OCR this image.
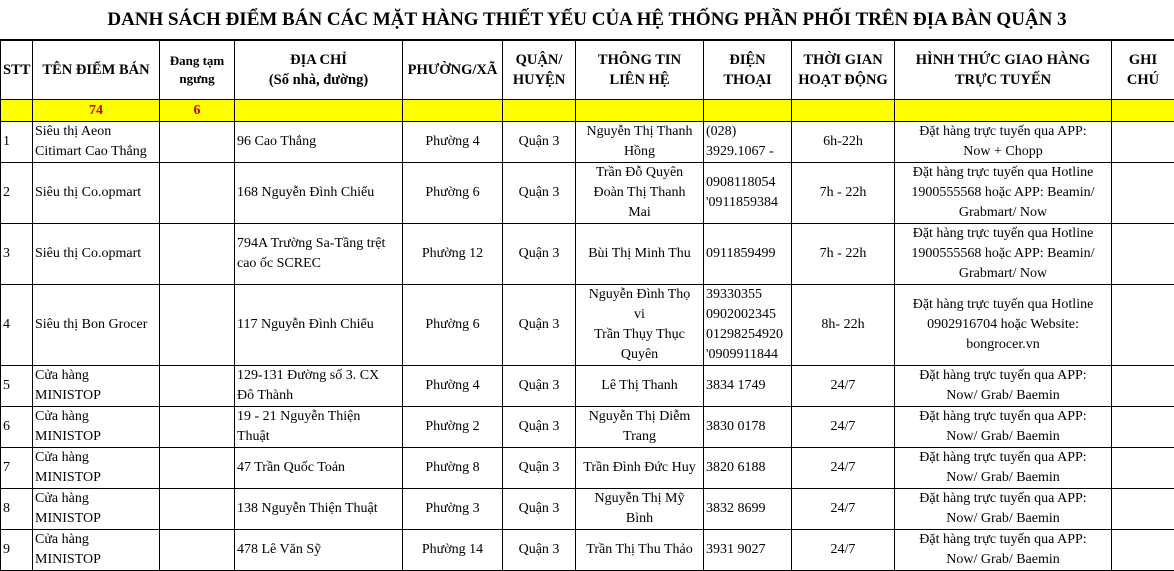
DANH SÁCH ĐIỂM BÁN CÁC MẶT HÀNG THIẾT YẾU CỦA HỆ THỐNG PHẦN PHỐI TRÊN ĐỊA BÀN QUẬN 3
STT	TÊN ĐIỂM BÁN	Đang tạm
ngưng	ĐỊA CHỈ
(Số nhà, đường)	PHƯỜNG/XÃ	QUẬN/
HUYỆN	THÔNG TIN
LIÊN HỆ	ĐIỆN
THOẠI	THỜI GIAN
HOẠT ĐỘNG	HÌNH THỨC GIAO HÀNG
TRỰC TUYẾN	GHI
CHÚ
	74	6								
1	Siêu thị Aeon
Citimart Cao Thắng		96 Cao Thắng	Phường 4	Quận 3	Nguyễn Thị Thanh
Hồng	(028)
3929.1067 -	6h-22h	Đặt hàng trực tuyến qua APP:
Now + Chopp	
2	Siêu thị Co.opmart		168 Nguyễn Đình Chiểu	Phường 6	Quận 3	Trần Đỗ Quyên
Đoàn Thị Thanh
Mai	0908118054
'0911859384	7h - 22h	Đặt hàng trực tuyến qua Hotline
1900555568 hoặc APP: Beamin/
Grabmart/ Now	
3	Siêu thị Co.opmart		794A Trường Sa-Tầng trệt
cao ốc SCREC	Phường 12	Quận 3	Bùi Thị Minh Thu	0911859499	7h - 22h	Đặt hàng trực tuyến qua Hotline
1900555568 hoặc APP: Beamin/
Grabmart/ Now	
4	Siêu thị Bon Grocer		117 Nguyễn Đình Chiểu	Phường 6	Quận 3	Nguyễn Đình Thọ
vi
Trần Thụy Thục
Quyên	39330355
0902002345
01298254920
'0909911844	8h- 22h	Đặt hàng trực tuyến qua Hotline
0902916704 hoặc Website:
bongrocer.vn	
5	Cửa hàng
MINISTOP		129-131 Đường số 3. CX
Đô Thành	Phường 4	Quận 3	Lê Thị Thanh	3834 1749	24/7	Đặt hàng trực tuyến qua APP:
Now/ Grab/ Baemin	
6	Cửa hàng
MINISTOP		19 - 21 Nguyễn Thiện
Thuật	Phường 2	Quận 3	Nguyễn Thị Diễm
Trang	3830 0178	24/7	Đặt hàng trực tuyến qua APP:
Now/ Grab/ Baemin	
7	Cửa hàng
MINISTOP		47 Trần Quốc Toản	Phường 8	Quận 3	Trần Đình Đức Huy	3820 6188	24/7	Đặt hàng trực tuyến qua APP:
Now/ Grab/ Baemin	
8	Cửa hàng
MINISTOP		138 Nguyễn Thiện Thuật	Phường 3	Quận 3	Nguyễn Thị Mỹ
Bình	3832 8699	24/7	Đặt hàng trực tuyến qua APP:
Now/ Grab/ Baemin	
9	Cửa hàng
MINISTOP		478 Lê Văn Sỹ	Phường 14	Quận 3	Trần Thị Thu Thảo	3931 9027	24/7	Đặt hàng trực tuyến qua APP:
Now/ Grab/ Baemin	
